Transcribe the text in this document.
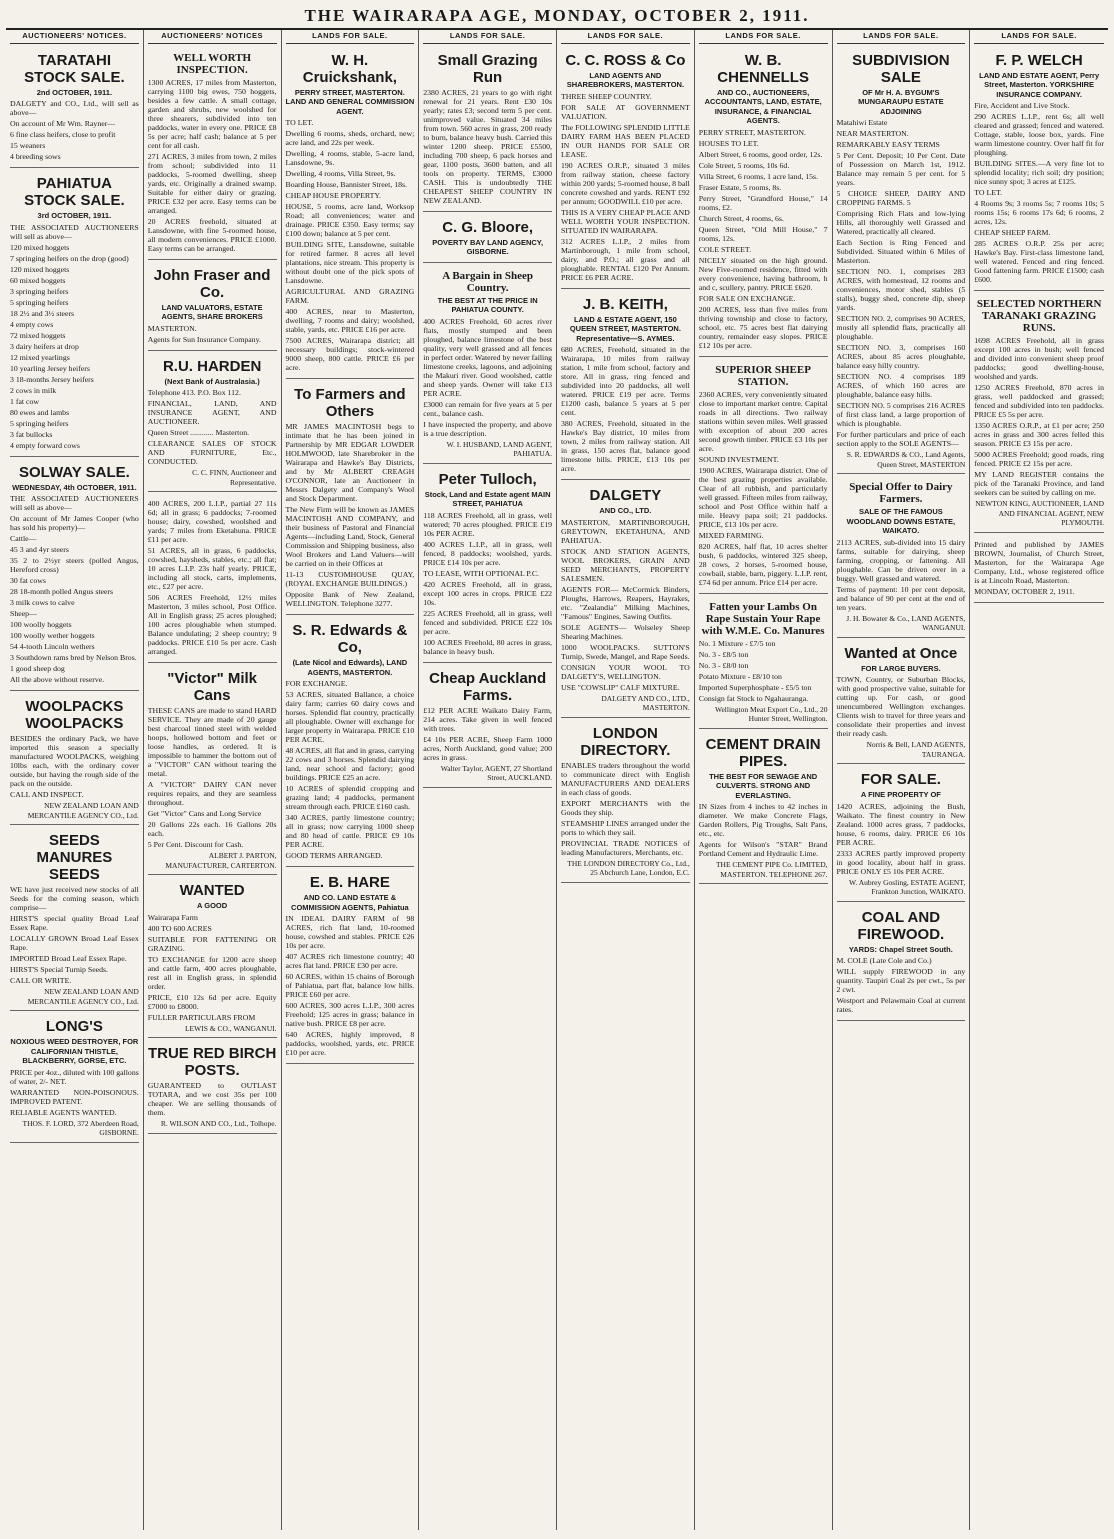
THE WAIRARAPA AGE, MONDAY, OCTOBER 2, 1911.
AUCTIONEERS' NOTICES.
TARATAHI STOCK SALE.
2nd OCTOBER, 1911.

DALGETY and CO., Ltd., will sell as above—

On account of Mr Wm. Rayner—

6 fine class heifers, close to profit

15 weaners

4 breeding sows

PAHIATUA STOCK SALE.
3rd OCTOBER, 1911.

THE ASSOCIATED AUCTIONEERS will sell as above—

120 mixed hoggets

7 springing heifers on the drop (good)

120 mixed hoggets

60 mixed hoggets

3 springing heifers

5 springing heifers

18 2½ and 3½ steers

4 empty cows

72 mixed hoggets

3 dairy heifers at drop

12 mixed yearlings

10 yearling Jersey heifers

3 18-months Jersey heifers

2 cows in milk

1 fat cow

80 ewes and lambs

5 springing heifers

3 fat bullocks

4 empty forward cows

SOLWAY SALE.
WEDNESDAY, 4th OCTOBER, 1911.

THE ASSOCIATED AUCTIONEERS will sell as above—

On account of Mr James Cooper (who has sold his property)—

Cattle—

45 3 and 4yr steers

35 2 to 2½yr steers (polled Angus, Hereford cross)

30 fat cows

28 18-month polled Angus steers

3 milk cows to calve

Sheep—

100 woolly hoggets

100 woolly wether hoggets

54 4-tooth Lincoln wethers

3 Southdown rams bred by Nelson Bros.

1 good sheep dog

All the above without reserve.

WOOLPACKS WOOLPACKS

BESIDES the ordinary Pack, we have imported this season a specially manufactured WOOLPACKS, weighing 10lbs each, with the ordinary cover outside, but having the rough side of the pack on the outside.

CALL AND INSPECT.

NEW ZEALAND LOAN AND MERCANTILE AGENCY CO., Ltd.
SEEDS MANURES SEEDS

WE have just received new stocks of all Seeds for the coming season, which comprise—

HIRST'S special quality Broad Leaf Essex Rape.

LOCALLY GROWN Broad Leaf Essex Rape.

IMPORTED Broad Leaf Essex Rape.

HIRST'S Special Turnip Seeds.

CALL OR WRITE.

NEW ZEALAND LOAN AND MERCANTILE AGENCY CO., Ltd.
LONG'S
NOXIOUS WEED DESTROYER, FOR CALIFORNIAN THISTLE, BLACKBERRY, GORSE, ETC.

PRICE per 4oz., diluted with 100 gallons of water, 2/- NET.

WARRANTED NON-POISONOUS. IMPROVED PATENT.

RELIABLE AGENTS WANTED.

THOS. F. LORD, 372 Aberdeen Road, GISBORNE.
AUCTIONEERS' NOTICES
WELL WORTH INSPECTION.

1300 ACRES, 17 miles from Masterton, carrying 1100 big ewes, 750 hoggets, besides a few cattle. A small cottage, garden and shrubs, new woolshed for three shearers, subdivided into ten paddocks, water in every one. PRICE £8 5s per acre; half cash; balance at 5 per cent for all cash.

271 ACRES, 3 miles from town, 2 miles from school; subdivided into 11 paddocks, 5-roomed dwelling, sheep yards, etc. Originally a drained swamp. Suitable for either dairy or grazing. PRICE £32 per acre. Easy terms can be arranged.

20 ACRES freehold, situated at Lansdowne, with fine 5-roomed house, all modern conveniences. PRICE £1000. Easy terms can be arranged.

John Fraser and Co.
LAND VALUATORS, ESTATE AGENTS, SHARE BROKERS

MASTERTON.

Agents for Sun Insurance Company.

R.U. HARDEN
(Next Bank of Australasia.)

Telephone 413. P.O. Box 112.

FINANCIAL, LAND, AND INSURANCE AGENT, AND AUCTIONEER.

Queen Street ............ Masterton.

CLEARANCE SALES OF STOCK AND FURNITURE, Etc., CONDUCTED.

C. C. FINN, Auctioneer and Representative.

400 ACRES, 200 L.I.P., partial 27 11s 6d; all in grass; 6 paddocks; 7-roomed house; dairy, cowshed, woolshed and yards; 7 miles from Eketahuna. PRICE £11 per acre.

51 ACRES, all in grass, 6 paddocks, cowshed, haysheds, stables, etc.; all flat; 10 acres L.I.P. 23s half yearly. PRICE, including all stock, carts, implements, etc., £27 per acre.

506 ACRES Freehold, 12½ miles Masterton, 3 miles school, Post Office. All in English grass; 25 acres ploughed; 100 acres ploughable when stumped. Balance undulating; 2 sheep country; 9 paddocks. PRICE £10 5s per acre. Cash arranged.

"Victor" Milk Cans

THESE CANS are made to stand HARD SERVICE. They are made of 20 gauge best charcoal tinned steel with welded hoops, hollowed bottom and feet or loose handles, as ordered. It is impossible to hammer the bottom out of a "VICTOR" CAN without tearing the metal.

A "VICTOR" DAIRY CAN never requires repairs, and they are seamless throughout.

Get "Victor" Cans and Long Service

20 Gallons 22s each. 16 Gallons 20s each.

5 Per Cent. Discount for Cash.

ALBERT J. PARTON, MANUFACTURER, CARTERTON.
WANTED
A GOOD

Wairarapa Farm

400 TO 600 ACRES

SUITABLE FOR FATTENING OR GRAZING.

TO EXCHANGE for 1200 acre sheep and cattle farm, 400 acres ploughable, rest all in English grass, in splendid order.

PRICE, £10 12s 6d per acre. Equity £7000 to £8000.

FULLER PARTICULARS FROM

LEWIS & CO., WANGANUI.
TRUE RED BIRCH POSTS.

GUARANTEED to OUTLAST TOTARA, and we cost 35s per 100 cheaper. We are selling thousands of them.

R. WILSON AND CO., Ltd., Tolhope.
LANDS FOR SALE.
W. H. Cruickshank,
PERRY STREET, MASTERTON. LAND AND GENERAL COMMISSION AGENT.

TO LET.

Dwelling 6 rooms, sheds, orchard, new; acre land, and 22s per week.

Dwelling, 4 rooms, stable, 5-acre land, Lansdowne, 9s.

Dwelling, 4 rooms, Villa Street, 9s.

Boarding House, Bannister Street, 18s.

CHEAP HOUSE PROPERTY.

HOUSE, 5 rooms, acre land, Worksop Road; all conveniences; water and drainage. PRICE £350. Easy terms; say £100 down; balance at 5 per cent.

BUILDING SITE, Lansdowne, suitable for retired farmer. 8 acres all level plantations, nice stream. This property is without doubt one of the pick spots of Lansdowne.

AGRICULTURAL AND GRAZING FARM.

400 ACRES, near to Masterton, dwelling, 7 rooms and dairy; woolshed, stable, yards, etc. PRICE £16 per acre.

7500 ACRES, Wairarapa district; all necessary buildings; stock-wintered 9000 sheep, 800 cattle. PRICE £6 per acre.

To Farmers and Others

MR JAMES MACINTOSH begs to intimate that he has been joined in Partnership by MR EDGAR LOWDER HOLMWOOD, late Sharebroker in the Wairarapa and Hawke's Bay Districts, and by Mr ALBERT CREAGH O'CONNOR, late an Auctioneer in Messrs Dalgety and Company's Wool and Stock Department.

The New Firm will be known as JAMES MACINTOSH AND COMPANY, and their business of Pastoral and Financial Agents—including Land, Stock, General Commission and Shipping business, also Wool Brokers and Land Valuers—will be carried on in their Offices at

11-13 CUSTOMHOUSE QUAY, (ROYAL EXCHANGE BUILDINGS.)

Opposite Bank of New Zealand, WELLINGTON. Telephone 3277.

S. R. Edwards & Co,
(Late Nicol and Edwards), LAND AGENTS, MASTERTON.

FOR EXCHANGE.

53 ACRES, situated Ballance, a choice dairy farm; carries 60 dairy cows and horses. Splendid flat country, practically all ploughable. Owner will exchange for larger property in Wairarapa. PRICE £10 PER ACRE.

48 ACRES, all flat and in grass, carrying 22 cows and 3 horses. Splendid dairying land, near school and factory; good buildings. PRICE £25 an acre.

10 ACRES of splendid cropping and grazing land; 4 paddocks, permanent stream through each. PRICE £160 cash.

340 ACRES, partly limestone country; all in grass; now carrying 1000 sheep and 80 head of cattle. PRICE £9 10s PER ACRE.

GOOD TERMS ARRANGED.

E. B. HARE
AND CO. LAND ESTATE & COMMISSION AGENTS, Pahiatua

IN IDEAL DAIRY FARM of 98 ACRES, rich flat land, 10-roomed house, cowshed and stables. PRICE £26 10s per acre.

407 ACRES rich limestone country; 40 acres flat land. PRICE £30 per acre.

60 ACRES, within 15 chains of Borough of Pahiatua, part flat, balance low hills. PRICE £60 per acre.

600 ACRES, 300 acres L.I.P., 300 acres Freehold; 125 acres in grass; balance in native bush. PRICE £8 per acre.

640 ACRES, highly improved, 8 paddocks, woolshed, yards, etc. PRICE £10 per acre.

LANDS FOR SALE.
Small Grazing Run

2380 ACRES, 21 years to go with right renewal for 21 years. Rent £30 10s yearly; rates £3; second term 5 per cent. unimproved value. Situated 34 miles from town. 560 acres in grass, 200 ready to burn, balance heavy bush. Carried this winter 1200 sheep. PRICE £5500, including 700 sheep, 6 pack horses and gear, 1100 posts, 3600 batten, and all tools on property. TERMS, £3000 CASH. This is undoubtedly THE CHEAPEST SHEEP COUNTRY IN NEW ZEALAND.

C. G. Bloore,
POVERTY BAY LAND AGENCY, GISBORNE.
A Bargain in Sheep Country.
THE BEST AT THE PRICE IN PAHIATUA COUNTY.

400 ACRES Freehold, 60 acres river flats, mostly stumped and been ploughed, balance limestone of the best quality, very well grassed and all fences in perfect order. Watered by never failing limestone creeks, lagoons, and adjoining the Makuri river. Good woolshed, cattle and sheep yards. Owner will take £13 PER ACRE.

£3000 can remain for five years at 5 per cent., balance cash.

I have inspected the property, and above is a true description.

W. I. HUSBAND, LAND AGENT, PAHIATUA.
Peter Tulloch,
Stock, Land and Estate agent MAIN STREET, PAHIATUA

118 ACRES Freehold, all in grass, well watered; 70 acres ploughed. PRICE £19 10s PER ACRE.

400 ACRES L.I.P., all in grass, well fenced, 8 paddocks; woolshed, yards. PRICE £14 10s per acre.

TO LEASE, WITH OPTIONAL P.C.

420 ACRES Freehold, all in grass, except 100 acres in crops. PRICE £22 10s.

225 ACRES Freehold, all in grass, well fenced and subdivided. PRICE £22 10s per acre.

100 ACRES Freehold, 80 acres in grass, balance in heavy bush.

Cheap Auckland Farms.

£12 PER ACRE Waikato Dairy Farm, 214 acres. Take given in well fenced with trees.

£4 10s PER ACRE, Sheep Farm 1000 acres, North Auckland, good value; 200 acres in grass.

Walter Taylor, AGENT, 27 Shortland Street, AUCKLAND.
LANDS FOR SALE.
C. C. ROSS & Co
LAND AGENTS AND SHAREBROKERS, MASTERTON.

THREE SHEEP COUNTRY.

FOR SALE AT GOVERNMENT VALUATION.

The FOLLOWING SPLENDID LITTLE DAIRY FARM HAS BEEN PLACED IN OUR HANDS FOR SALE OR LEASE.

190 ACRES O.R.P., situated 3 miles from railway station, cheese factory within 200 yards; 5-roomed house, 8 ball concrete cowshed and yards. RENT £92 per annum; GOODWILL £10 per acre.

THIS IS A VERY CHEAP PLACE AND WELL WORTH YOUR INSPECTION. SITUATED IN WAIRARAPA.

312 ACRES L.I.P., 2 miles from Martinborough, 1 mile from school, dairy, and P.O.; all grass and all ploughable. RENTAL £120 Per Annum. PRICE £6 PER ACRE.

J. B. KEITH,
LAND & ESTATE AGENT, 150 QUEEN STREET, MASTERTON. Representative—S. AYMES.

680 ACRES, Freehold, situated in the Wairarapa, 10 miles from railway station, 1 mile from school, factory and store. All in grass, ring fenced and subdivided into 20 paddocks, all well watered. PRICE £19 per acre. Terms £1200 cash, balance 5 years at 5 per cent.

380 ACRES, Freehold, situated in the Hawke's Bay district, 10 miles from town, 2 miles from railway station. All in grass, 150 acres flat, balance good limestone hills. PRICE, £13 10s per acre.

DALGETY
AND CO., LTD.

MASTERTON, MARTINBOROUGH, GREYTOWN, EKETAHUNA, AND PAHIATUA.

STOCK AND STATION AGENTS, WOOL BROKERS, GRAIN AND SEED MERCHANTS, PROPERTY SALESMEN.

AGENTS FOR— McCormick Binders, Ploughs, Harrows, Reapers, Hayrakes, etc. "Zealandia" Milking Machines, "Famous" Engines, Sawing Outfits.

SOLE AGENTS— Wolseley Sheep Shearing Machines.

1000 WOOLPACKS. SUTTON'S Turnip, Swede, Mangel, and Rape Seeds.

CONSIGN YOUR WOOL TO DALGETY'S, WELLINGTON.

USE "COWSLIP" CALF MIXTURE.

DALGETY AND CO., LTD., MASTERTON.
LONDON DIRECTORY.

ENABLES traders throughout the world to communicate direct with English MANUFACTURERS AND DEALERS in each class of goods.

EXPORT MERCHANTS with the Goods they ship.

STEAMSHIP LINES arranged under the ports to which they sail.

PROVINCIAL TRADE NOTICES of leading Manufacturers, Merchants, etc.

THE LONDON DIRECTORY Co., Ltd., 25 Abchurch Lane, London, E.C.
LANDS FOR SALE.
W. B. CHENNELLS
AND CO., AUCTIONEERS, ACCOUNTANTS, LAND, ESTATE, INSURANCE, & FINANCIAL AGENTS.

PERRY STREET, MASTERTON.

HOUSES TO LET.

Albert Street, 6 rooms, good order, 12s.

Cole Street, 5 rooms, 10s 6d.

Villa Street, 6 rooms, 1 acre land, 15s.

Fraser Estate, 5 rooms, 8s.

Perry Street, "Grandford House," 14 rooms, £2.

Church Street, 4 rooms, 6s.

Queen Street, "Old Mill House," 7 rooms, 12s.

COLE STREET.

NICELY situated on the high ground. New Five-roomed residence, fitted with every convenience, having bathroom, h and c, scullery, pantry. PRICE £620.

FOR SALE ON EXCHANGE.

200 ACRES, less than five miles from thriving township and close to factory, school, etc. 75 acres best flat dairying country, remainder easy slopes. PRICE £12 10s per acre.

SUPERIOR SHEEP STATION.

2360 ACRES, very conveniently situated close to important market centre. Capital roads in all directions. Two railway stations within seven miles. Well grassed with exception of about 200 acres second growth timber. PRICE £3 10s per acre.

SOUND INVESTMENT.

1900 ACRES, Wairarapa district. One of the best grazing properties available. Clear of all rubbish, and particularly well grassed. Fifteen miles from railway, school and Post Office within half a mile. Heavy papa soil; 21 paddocks. PRICE, £13 10s per acre.

MIXED FARMING.

820 ACRES, half flat, 10 acres shelter bush, 6 paddocks, wintered 325 sheep, 28 cows, 2 horses, 5-roomed house, cowbail, stable, barn, piggery. L.I.P. rent, £74 6d per annum. Price £14 per acre.

Fatten your Lambs On Rape Sustain Your Rape with W.M.E. Co. Manures

No. 1 Mixture - £7/5 ton

No. 3 - £8/5 ton

No. 3 - £8/0 ton

Potato Mixture - £8/10 ton

Imported Superphosphate - £5/5 ton

Consign fat Stock to Ngahauranga.

Wellington Meat Export Co., Ltd., 20 Hunter Street, Wellington.
CEMENT DRAIN PIPES.
THE BEST FOR SEWAGE AND CULVERTS. STRONG AND EVERLASTING.

IN Sizes from 4 inches to 42 inches in diameter. We make Concrete Flags, Garden Rollers, Pig Troughs, Salt Pans, etc., etc.

Agents for Wilson's "STAR" Brand Portland Cement and Hydraulic Lime.

THE CEMENT PIPE Co. LIMITED, MASTERTON. TELEPHONE 267.
LANDS FOR SALE.
SUBDIVISION SALE
OF Mr H. A. BYGUM'S MUNGARAUPU ESTATE ADJOINING

Matahiwi Estate

NEAR MASTERTON.

REMARKABLY EASY TERMS

5 Per Cent. Deposit; 10 Per Cent. Date of Possession on March 1st, 1912. Balance may remain 5 per cent. for 5 years.

5 CHOICE SHEEP, DAIRY AND CROPPING FARMS. 5

Comprising Rich Flats and low-lying Hills, all thoroughly well Grassed and Watered, practically all cleared.

Each Section is Ring Fenced and Subdivided. Situated within 6 Miles of Masterton.

SECTION NO. 1, comprises 283 ACRES, with homestead, 12 rooms and conveniences, motor shed, stables (5 stalls), buggy shed, concrete dip, sheep yards.

SECTION NO. 2, comprises 90 ACRES, mostly all splendid flats, practically all ploughable.

SECTION NO. 3, comprises 160 ACRES, about 85 acres ploughable, balance easy hilly country.

SECTION NO. 4 comprises 189 ACRES, of which 160 acres are ploughable, balance easy hills.

SECTION NO. 5 comprises 216 ACRES of first class land, a large proportion of which is ploughable.

For further particulars and price of each section apply to the SOLE AGENTS—

S. R. EDWARDS & CO., Land Agents, Queen Street, MASTERTON
Special Offer to Dairy Farmers.
SALE OF THE FAMOUS WOODLAND DOWNS ESTATE, WAIKATO.

2113 ACRES, sub-divided into 15 dairy farms, suitable for dairying, sheep farming, cropping, or fattening. All ploughable. Can be driven over in a buggy. Well grassed and watered.

Terms of payment: 10 per cent deposit, and balance of 90 per cent at the end of ten years.

J. H. Bowater & Co., LAND AGENTS, WANGANUI.
Wanted at Once
FOR LARGE BUYERS.

TOWN, Country, or Suburban Blocks, with good prospective value, suitable for cutting up. For cash, or good unencumbered Wellington exchanges. Clients wish to travel for three years and consolidate their properties and invest their ready cash.

Norris & Bell, LAND AGENTS, TAURANGA.
FOR SALE.
A FINE PROPERTY OF

1420 ACRES, adjoining the Bush, Waikato. The finest country in New Zealand. 1000 acres grass, 7 paddocks, house, 6 rooms, dairy. PRICE £6 10s PER ACRE.

2333 ACRES partly improved property in good locality, about half in grass. PRICE ONLY £5 10s PER ACRE.

W. Aubrey Gosling, ESTATE AGENT, Frankton Junction, WAIKATO.
COAL AND FIREWOOD.
YARDS: Chapel Street South.

M. COLE (Late Cole and Co.)

WILL supply FIREWOOD in any quantity. Taupiri Coal 2s per cwt., 5s per 2 cwt.

Westport and Pelawmain Coal at current rates.

LANDS FOR SALE.
F. P. WELCH
LAND AND ESTATE AGENT, Perry Street, Masterton. YORKSHIRE INSURANCE COMPANY.

Fire, Accident and Live Stock.

290 ACRES L.I.P., rent 6s; all well cleared and grassed; fenced and watered. Cottage, stable, loose box, yards. Fine warm limestone country. Over half fit for ploughing.

BUILDING SITES.—A very fine lot to splendid locality; rich soil; dry position; nice sunny spot; 3 acres at £125.

TO LET.

4 Rooms 9s; 3 rooms 5s; 7 rooms 10s; 5 rooms 15s; 6 rooms 17s 6d; 6 rooms, 2 acres, 12s.

CHEAP SHEEP FARM.

285 ACRES O.R.P. 25s per acre; Hawke's Bay. First-class limestone land, well watered. Fenced and ring fenced. Good fattening farm. PRICE £1500; cash £600.

SELECTED NORTHERN TARANAKI GRAZING RUNS.

1698 ACRES Freehold, all in grass except 100 acres in bush; well fenced and divided into convenient sheep proof paddocks; good dwelling-house, woolshed and yards.

1250 ACRES Freehold, 870 acres in grass, well paddocked and grassed; fenced and subdivided into ten paddocks. PRICE £5 5s per acre.

1350 ACRES O.R.P., at £1 per acre; 250 acres in grass and 300 acres felled this season. PRICE £3 15s per acre.

5000 ACRES Freehold; good roads, ring fenced. PRICE £2 15s per acre.

MY LAND REGISTER contains the pick of the Taranaki Province, and land seekers can be suited by calling on me.

NEWTON KING, AUCTIONEER, LAND AND FINANCIAL AGENT, NEW PLYMOUTH.

Printed and published by JAMES BROWN, Journalist, of Church Street, Masterton, for the Wairarapa Age Company, Ltd., whose registered office is at Lincoln Road, Masterton.

MONDAY, OCTOBER 2, 1911.
